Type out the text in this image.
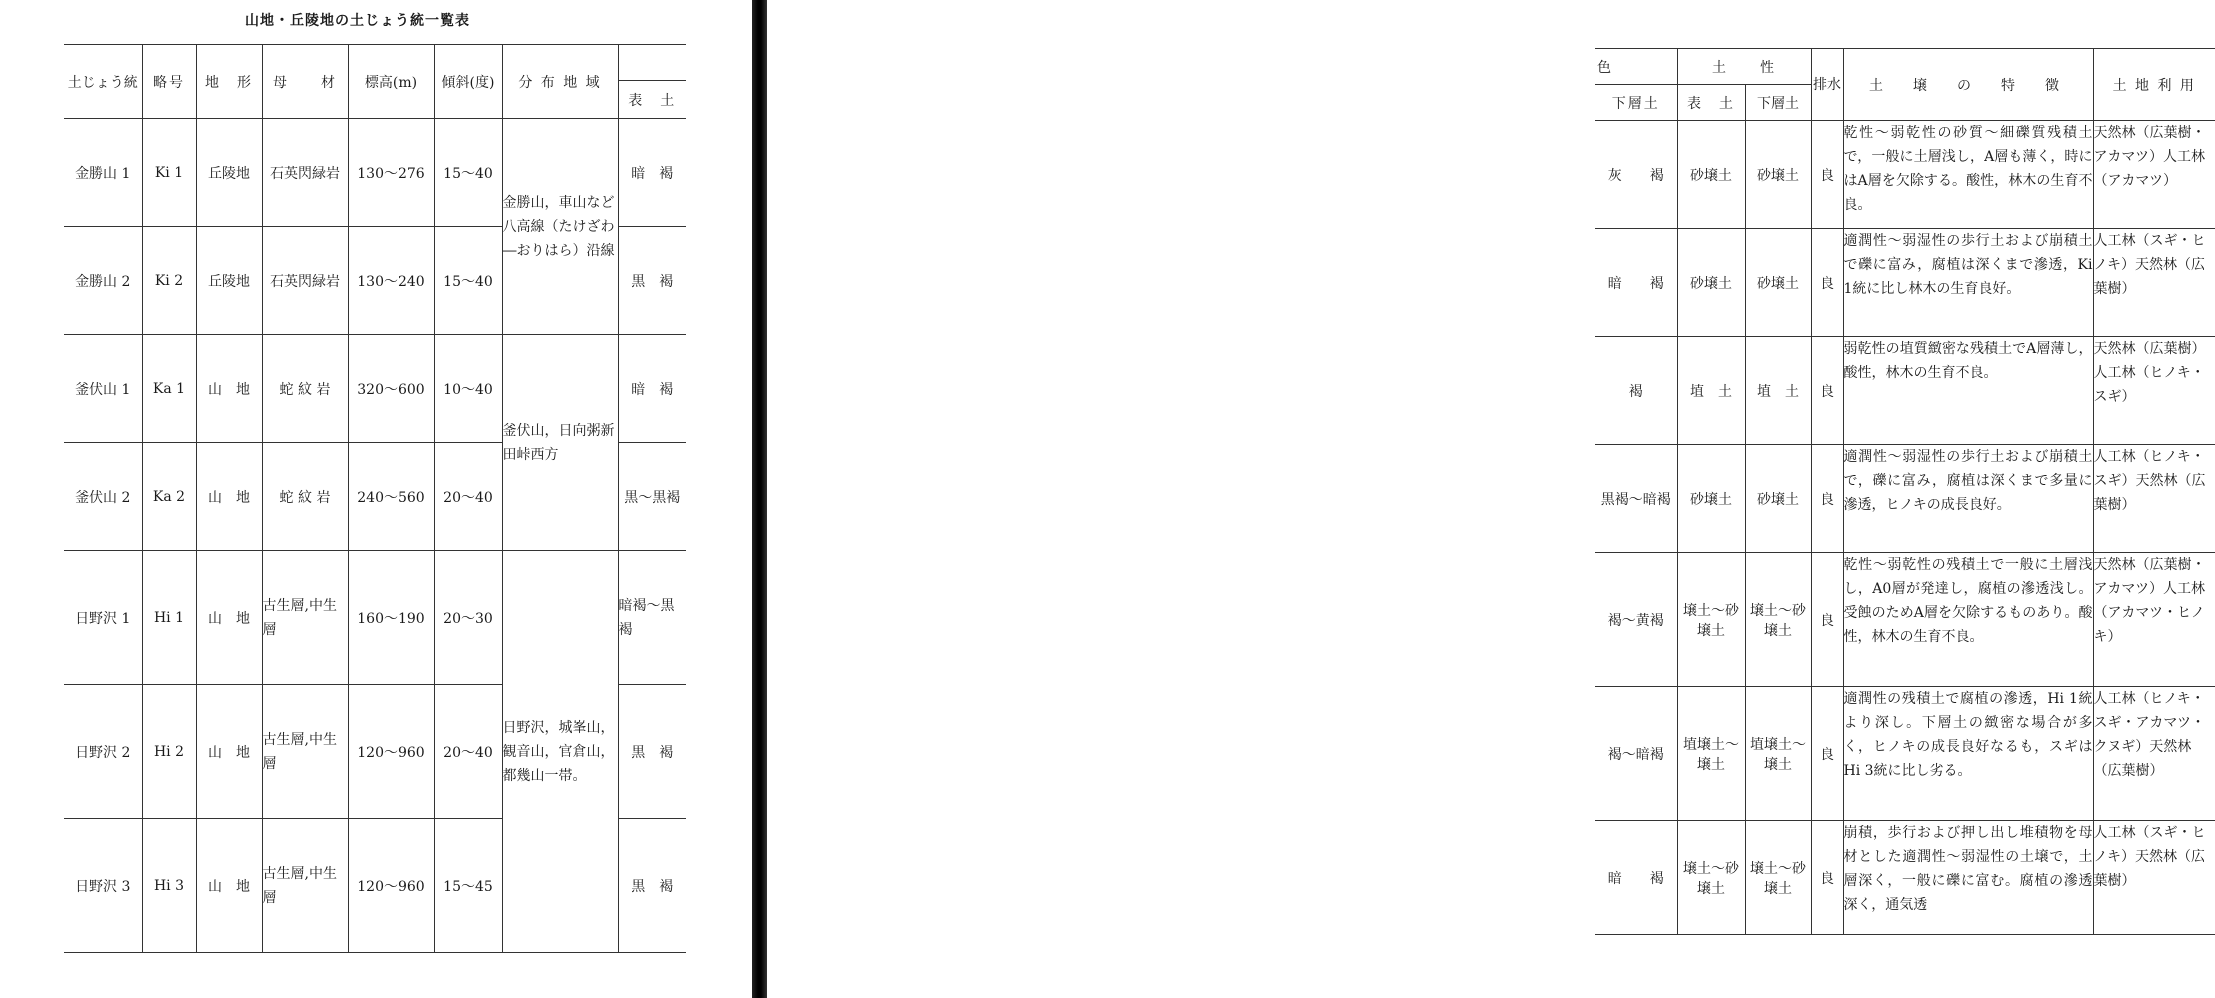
山地・丘陵地の土じょう統一覧表
土じょう統	略号	地　形	母　　材	標高(m)	傾斜(度)	分 布 地 域	
							表　土
金勝山 1	Ki 1	丘陵地	石英閃緑岩	130～276	15～40	金勝山，車山など八高線（たけざわ―おりはら）沿線	暗　褐
金勝山 2	Ki 2	丘陵地	石英閃緑岩	130～240	15～40		黒　褐
釜伏山 1	Ka 1	山　地	蛇 紋 岩	320～600	10～40	釜伏山，日向粥新田峠西方	暗　褐
釜伏山 2	Ka 2	山　地	蛇 紋 岩	240～560	20～40		黒～黒褐
日野沢 1	Hi 1	山　地	古生層,中生層	160～190	20～30	日野沢，城峯山，観音山，官倉山，都幾山一帯。	暗褐～黒褐
日野沢 2	Hi 2	山　地	古生層,中生層	120～960	20～40		黒　褐
日野沢 3	Hi 3	山　地	古生層,中生層	120～960	15～45		黒　褐
色	土　　性		排水	土　壌　の　特　徴	土 地 利 用
下層土	表　土	下層土			
灰　　褐	砂壌土	砂壌土	良	乾性～弱乾性の砂質～細礫質残積土で，一般に土層浅し，A層も薄く，時にはA層を欠除する。酸性，林木の生育不良。	天然林（広葉樹・アカマツ）人工林（アカマツ）
暗　　褐	砂壌土	砂壌土	良	適潤性～弱湿性の歩行土および崩積土で礫に富み，腐植は深くまで滲透，Ki 1統に比し林木の生育良好。	人工林（スギ・ヒノキ）天然林（広葉樹）
褐	埴　土	埴　土	良	弱乾性の埴質緻密な残積土でA層薄し，酸性，林木の生育不良。	天然林（広葉樹）人工林（ヒノキ・スギ）
黒褐～暗褐	砂壌土	砂壌土	良	適潤性～弱湿性の歩行土および崩積土で，礫に富み，腐植は深くまで多量に滲透，ヒノキの成長良好。	人工林（ヒノキ・スギ）天然林（広葉樹）
褐～黄褐	壌土～砂壌土	壌土～砂壌土	良	乾性～弱乾性の残積土で一般に土層浅し，A0層が発達し，腐植の滲透浅し。受蝕のためA層を欠除するものあり。酸性，林木の生育不良。	天然林（広葉樹・アカマツ）人工林（アカマツ・ヒノキ）
褐～暗褐	埴壌土～壌土	埴壌土～壌土	良	適潤性の残積土で腐植の滲透，Hi 1統より深し。下層土の緻密な場合が多く，ヒノキの成長良好なるも，スギはHi 3統に比し劣る。	人工林（ヒノキ・スギ・アカマツ・クヌギ）天然林（広葉樹）
暗　　褐	壌土～砂壌土	壌土～砂壌土	良	崩積，歩行および押し出し堆積物を母材とした適潤性～弱湿性の土壌で，土層深く，一般に礫に富む。腐植の滲透深く，通気透	人工林（スギ・ヒノキ）天然林（広葉樹）
